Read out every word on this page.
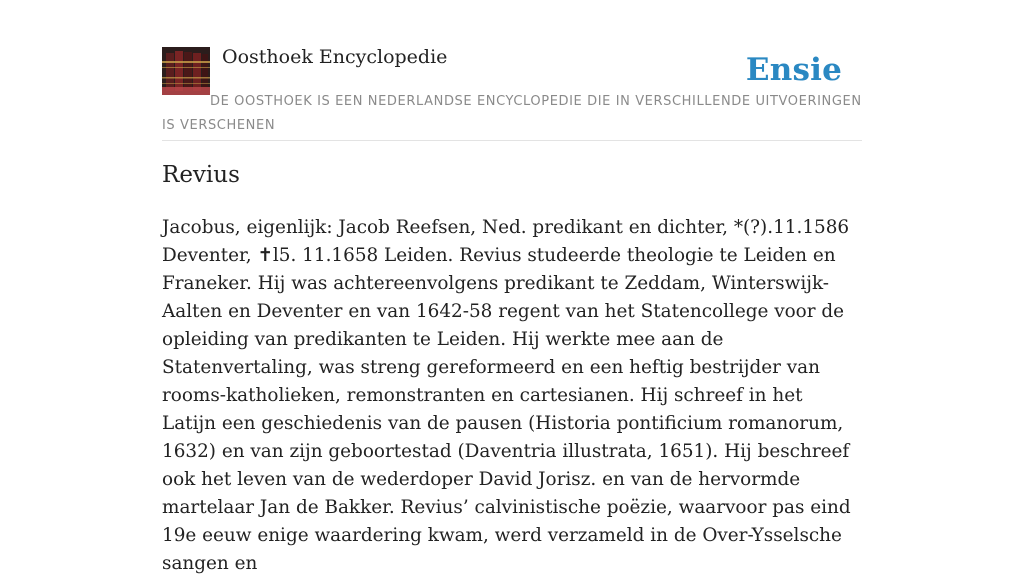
Oosthoek Encyclopedie	Ensie

DE OOSTHOEK IS EEN NEDERLANDSE ENCYCLOPEDIE DIE IN VERSCHILLENDE UITVOERINGEN IS VERSCHENEN

Revius

Jacobus, eigenlijk: Jacob Reefsen, Ned. predikant en dichter, *(?).11.1586 Deventer, ✝l5. 11.1658 Leiden. Revius studeerde theologie te Leiden en Franeker. Hij was achtereenvolgens predikant te Zeddam, Winterswijk-Aalten en Deventer en van 1642-58 regent van het Statencollege voor de opleiding van predikanten te Leiden. Hij werkte mee aan de Statenvertaling, was streng gereformeerd en een heftig bestrijder van rooms-katholieken, remonstranten en cartesianen. Hij schreef in het Latijn een geschiedenis van de pausen (Historia pontificium romanorum, 1632) en van zijn geboortestad (Daventria illustrata, 1651). Hij beschreef ook het leven van de wederdoper David Jorisz. en van de hervormde martelaar Jan de Bakker. Revius’ calvinistische poëzie, waarvoor pas eind 19e eeuw enige waardering kwam, werd verzameld in de Over-Ysselsche sangen en
